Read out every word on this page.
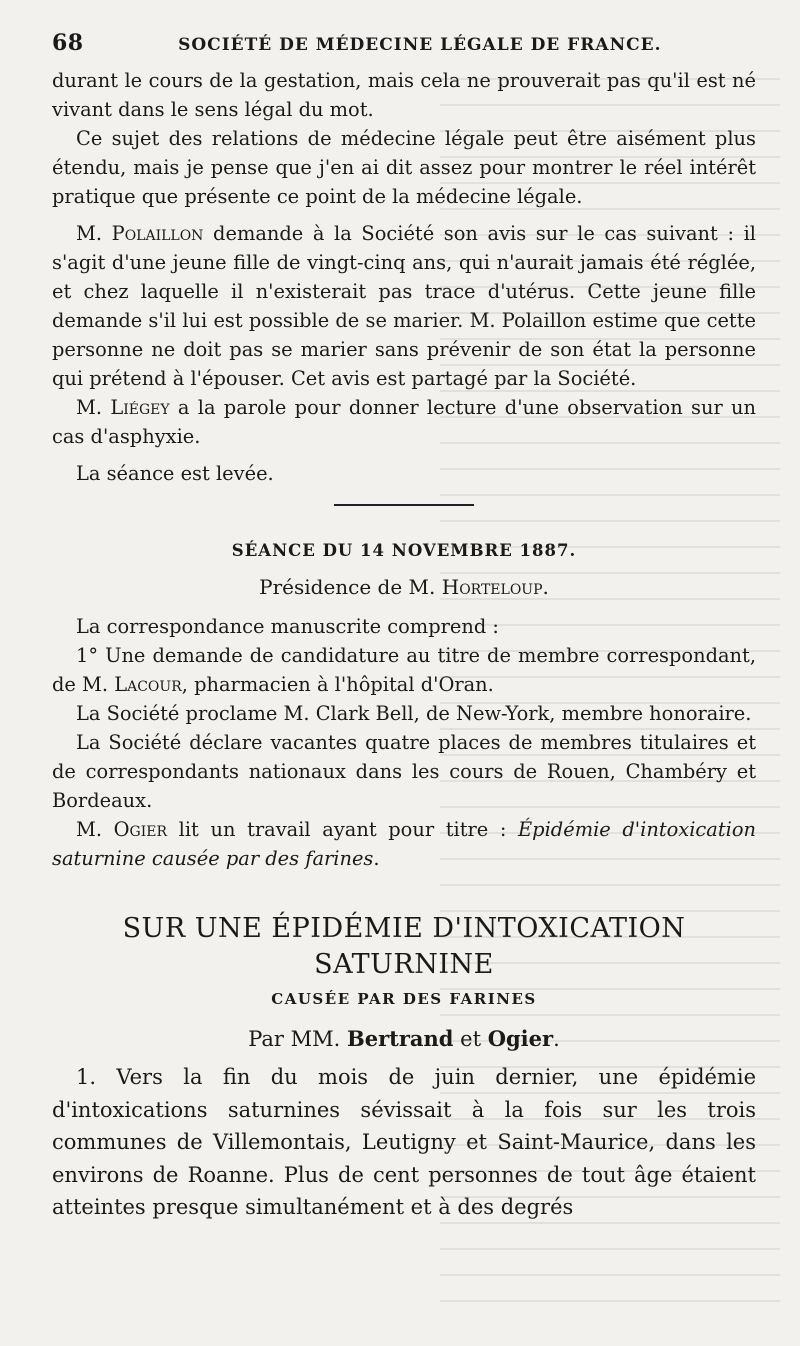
68	SOCIÉTÉ DE MÉDECINE LÉGALE DE FRANCE.

durant le cours de la gestation, mais cela ne prouverait pas qu'il est né vivant dans le sens légal du mot.

Ce sujet des relations de médecine légale peut être aisément plus étendu, mais je pense que j'en ai dit assez pour montrer le réel intérêt pratique que présente ce point de la médecine légale.

M. Polaillon demande à la Société son avis sur le cas suivant : il s'agit d'une jeune fille de vingt-cinq ans, qui n'aurait jamais été réglée, et chez laquelle il n'existerait pas trace d'utérus. Cette jeune fille demande s'il lui est possible de se marier. M. Polaillon estime que cette personne ne doit pas se marier sans prévenir de son état la personne qui prétend à l'épouser. Cet avis est partagé par la Société.

M. Liégey a la parole pour donner lecture d'une observation sur un cas d'asphyxie.

La séance est levée.

SÉANCE DU 14 NOVEMBRE 1887.

Présidence de M. Horteloup.

La correspondance manuscrite comprend :

1° Une demande de candidature au titre de membre correspondant, de M. Lacour, pharmacien à l'hôpital d'Oran.

La Société proclame M. Clark Bell, de New-York, membre honoraire.

La Société déclare vacantes quatre places de membres titulaires et de correspondants nationaux dans les cours de Rouen, Chambéry et Bordeaux.

M. Ogier lit un travail ayant pour titre : Épidémie d'intoxication saturnine causée par des farines.

SUR UNE ÉPIDÉMIE D'INTOXICATION SATURNINE

CAUSÉE PAR DES FARINES

Par MM. Bertrand et Ogier.

1. Vers la fin du mois de juin dernier, une épidémie d'intoxications saturnines sévissait à la fois sur les trois communes de Villemontais, Leutigny et Saint-Maurice, dans les environs de Roanne. Plus de cent personnes de tout âge étaient atteintes presque simultanément et à des degrés
